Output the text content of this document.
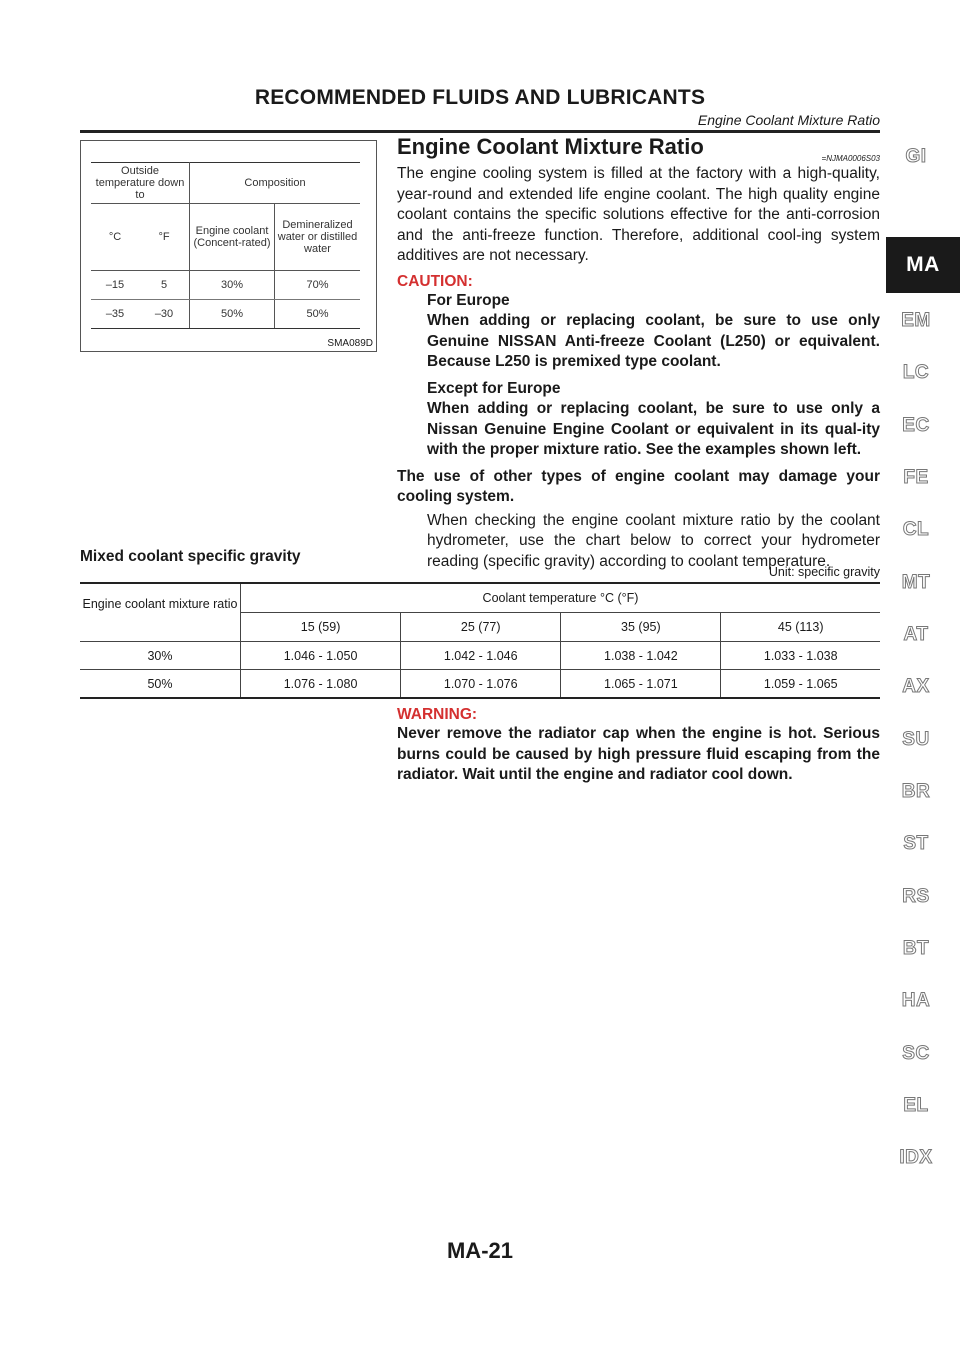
RECOMMENDED FLUIDS AND LUBRICANTS
Engine Coolant Mixture Ratio
Outside temperature down to		Composition	
°C	°F	Engine coolant (Concent-rated)	Demineralized water or distilled water
–15	5	30%	70%
–35	–30	50%	50%
SMA089D
Engine Coolant Mixture Ratio	=NJMA0006S03

The engine cooling system is filled at the factory with a high-quality, year-round and extended life engine coolant. The high quality engine coolant contains the specific solutions effective for the anti-corrosion and the anti-freeze function. Therefore, additional cool-ing system additives are not necessary.

CAUTION:

For Europe

When adding or replacing coolant, be sure to use only Genuine NISSAN Anti-freeze Coolant (L250) or equivalent. Because L250 is premixed type coolant.

Except for Europe

When adding or replacing coolant, be sure to use only a Nissan Genuine Engine Coolant or equivalent in its qual-ity with the proper mixture ratio. See the examples shown left.

The use of other types of engine coolant may damage your cooling system.

When checking the engine coolant mixture ratio by the coolant hydrometer, use the chart below to correct your hydrometer reading (specific gravity) according to coolant temperature.

Mixed coolant specific gravity
Unit: specific gravity
Engine coolant mixture ratio	Coolant temperature °C (°F)			
	15 (59)	25 (77)	35 (95)	45 (113)
30%	1.046 - 1.050	1.042 - 1.046	1.038 - 1.042	1.033 - 1.038
50%	1.076 - 1.080	1.070 - 1.076	1.065 - 1.071	1.059 - 1.065
WARNING:

Never remove the radiator cap when the engine is hot. Serious burns could be caused by high pressure fluid escaping from the radiator. Wait until the engine and radiator cool down.

GI
MA
EM
LC
EC
FE
CL
MT
AT
AX
SU
BR
ST
RS
BT
HA
SC
EL
IDX
MA-21
